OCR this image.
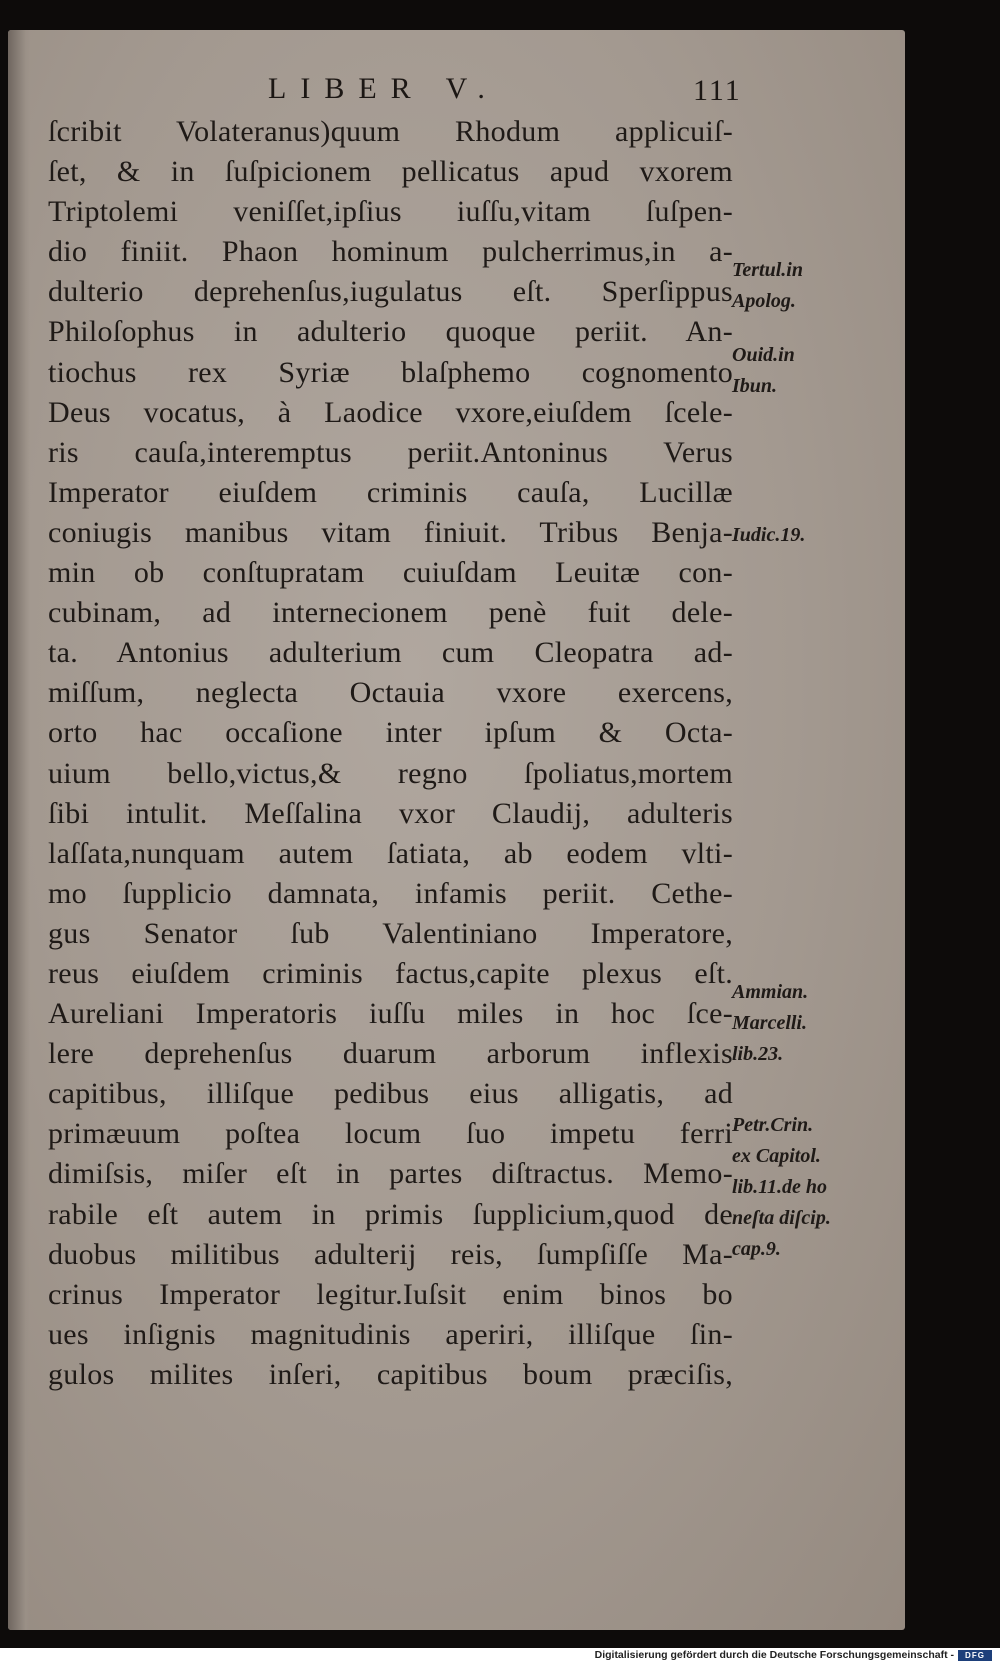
LIBER V.	111
ſcribit Volateranus)quum Rhodum applicuiſ-
ſet, & in ſuſpicionem pellicatus apud vxorem
Triptolemi veniſſet,ipſius iuſſu,vitam ſuſpen-
dio finiit. Phaon hominum pulcherrimus,in a-
dulterio deprehenſus,iugulatus eſt. Sperſippus
Philoſophus in adulterio quoque periit. An-
tiochus rex Syriæ blaſphemo cognomento
Deus vocatus, à Laodice vxore,eiuſdem ſcele-
ris cauſa,interemptus periit.Antoninus Verus
Imperator eiuſdem criminis cauſa, Lucillæ
coniugis manibus vitam finiuit. Tribus Benja-
min ob conſtupratam cuiuſdam Leuitæ con-
cubinam, ad internecionem penè fuit dele-
ta. Antonius adulterium cum Cleopatra ad-
miſſum, neglecta Octauia vxore exercens,
orto hac occaſione inter ipſum & Octa-
uium bello,victus,& regno ſpoliatus,mortem
ſibi intulit. Meſſalina vxor Claudij, adulteris
laſſata,nunquam autem ſatiata, ab eodem vlti-
mo ſupplicio damnata, infamis periit. Cethe-
gus Senator ſub Valentiniano Imperatore,
reus eiuſdem criminis factus,capite plexus eſt.
Aureliani Imperatoris iuſſu miles in hoc ſce-
lere deprehenſus duarum arborum inflexis
capitibus, illiſque pedibus eius alligatis, ad
primæuum poſtea locum ſuo impetu ferri
dimiſsis, miſer eſt in partes diſtractus. Memo-
rabile eſt autem in primis ſupplicium,quod de
duobus militibus adulterij reis, ſumpſiſſe Ma-
crinus Imperator legitur.Iuſsit enim binos bo
ues inſignis magnitudinis aperiri, illiſque ſin-
gulos milites inſeri, capitibus boum præciſis,
Tertul.in
Apolog.
Ouid.in
Ibun.
Iudic.19.
Ammian.
Marcelli.
lib.23.
Petr.Crin.
ex Capitol.
lib.11.de ho
neſta diſcip.
cap.9.
Digitalisierung gefördert durch die Deutsche Forschungsgemeinschaft -	DFG
